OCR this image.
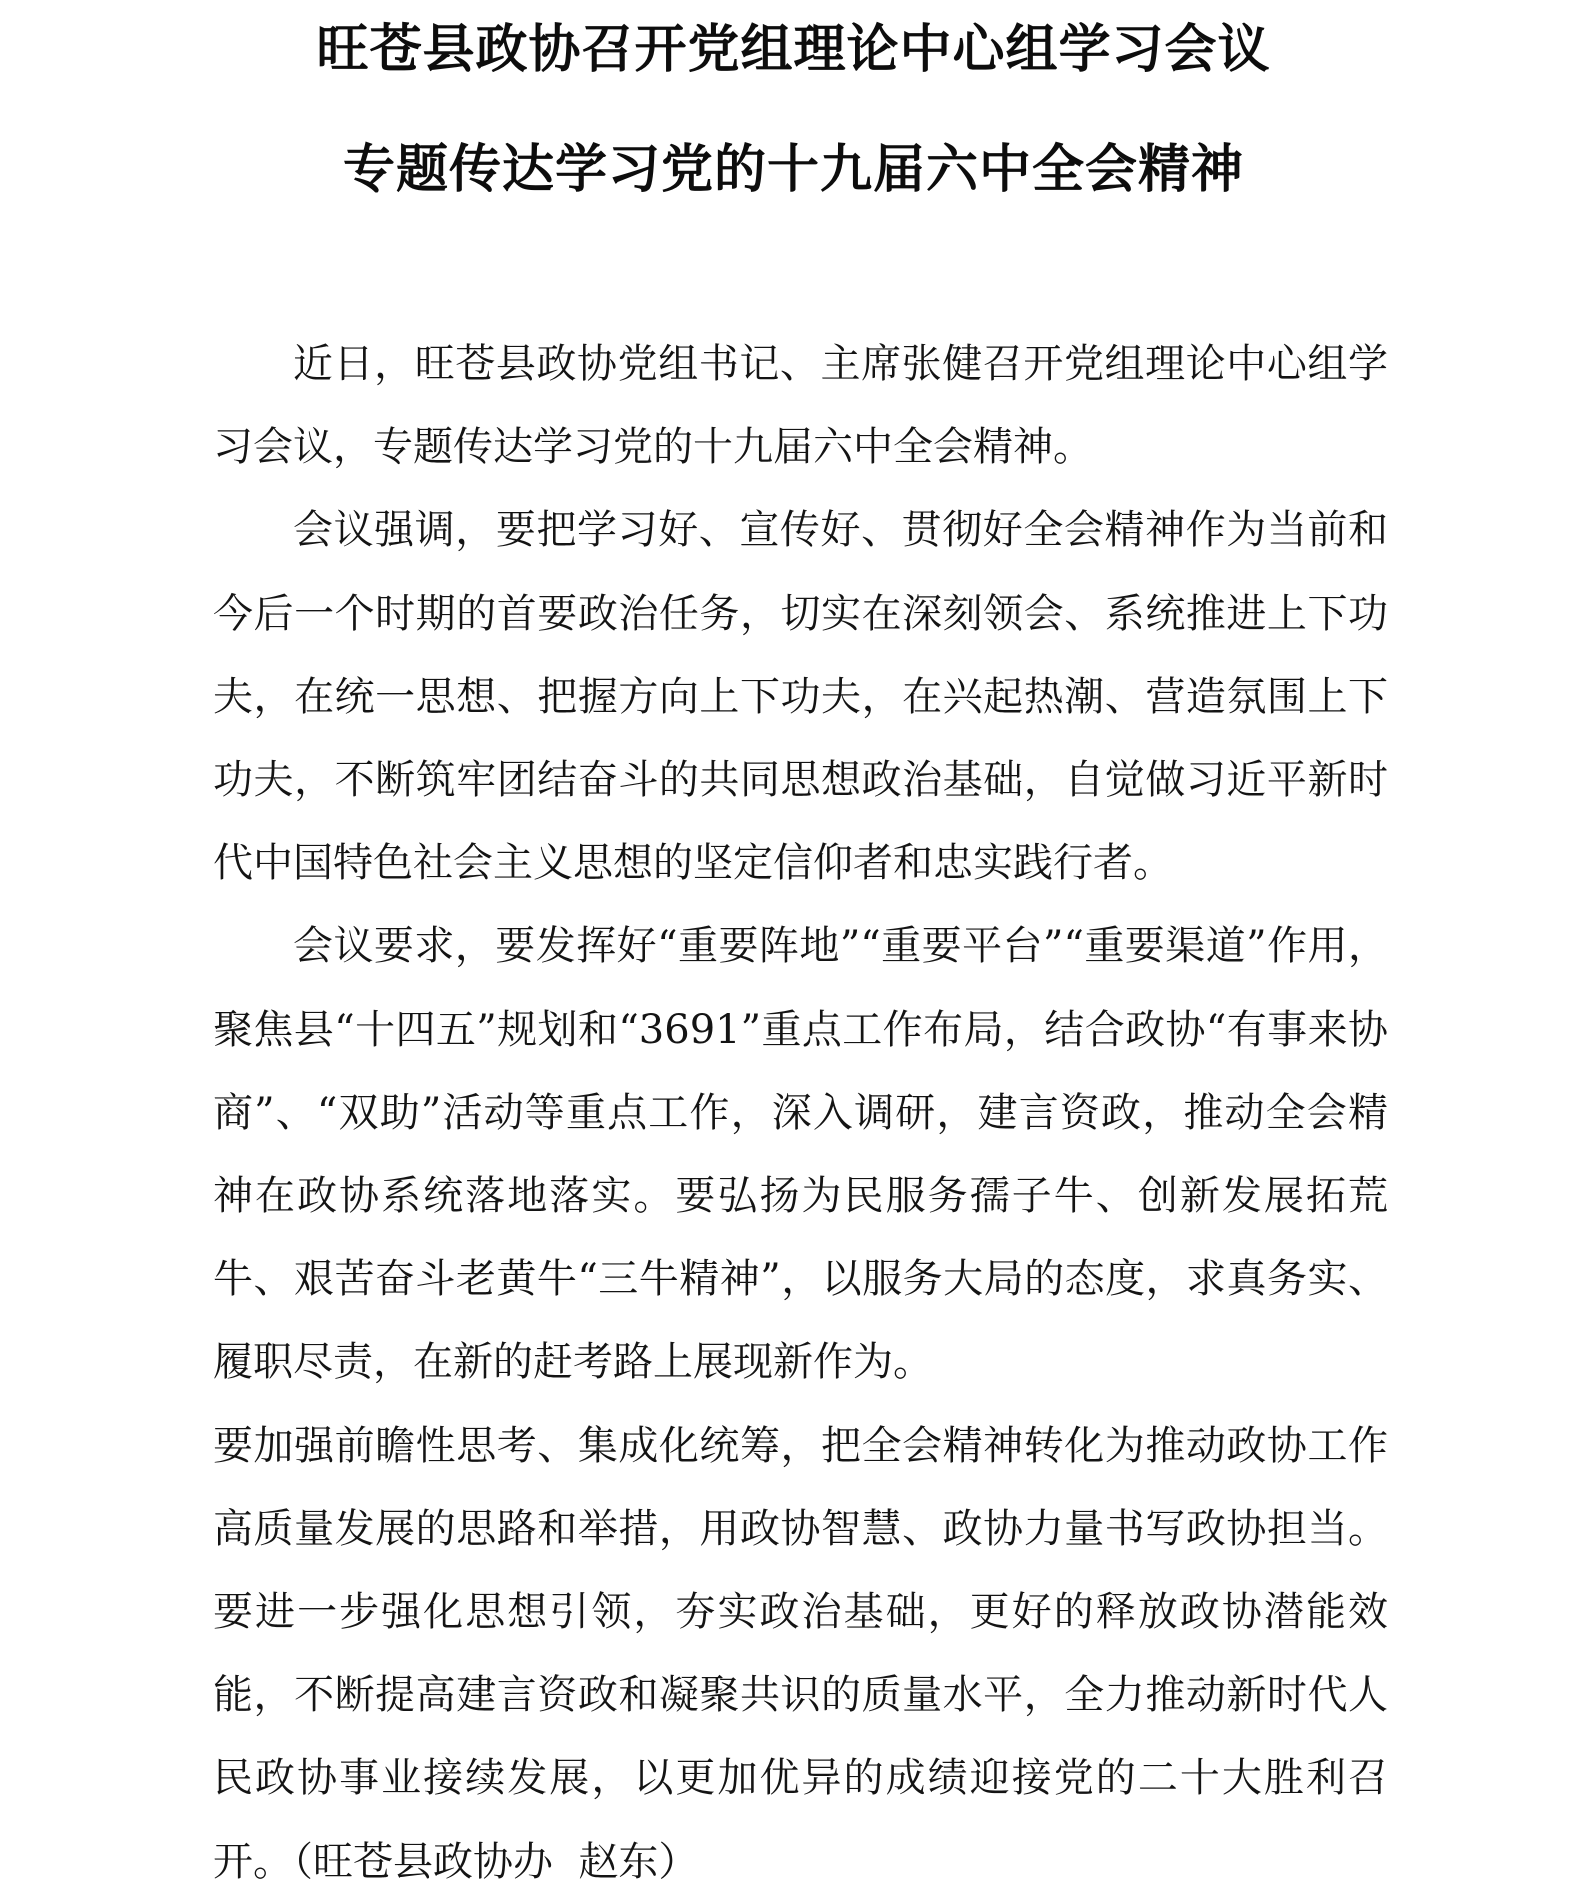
旺苍县政协召开党组理论中心组学习会议
专题传达学习党的十九届六中全会精神

近日，旺苍县政协党组书记、主席张健召开党组理论中心组学习会议，专题传达学习党的十九届六中全会精神。

会议强调，要把学习好、宣传好、贯彻好全会精神作为当前和今后一个时期的首要政治任务，切实在深刻领会、系统推进上下功夫，在统一思想、把握方向上下功夫，在兴起热潮、营造氛围上下功夫，不断筑牢团结奋斗的共同思想政治基础，自觉做习近平新时代中国特色社会主义思想的坚定信仰者和忠实践行者。

会议要求，要发挥好“重要阵地”“重要平台”“重要渠道”作用，聚焦县“十四五”规划和“3691”重点工作布局，结合政协“有事来协商”、“双助”活动等重点工作，深入调研，建言资政，推动全会精神在政协系统落地落实。要弘扬为民服务孺子牛、创新发展拓荒牛、艰苦奋斗老黄牛“三牛精神”，以服务大局的态度，求真务实、履职尽责，在新的赶考路上展现新作为。

要加强前瞻性思考、集成化统筹，把全会精神转化为推动政协工作高质量发展的思路和举措，用政协智慧、政协力量书写政协担当。要进一步强化思想引领，夯实政治基础，更好的释放政协潜能效能，不断提高建言资政和凝聚共识的质量水平，全力推动新时代人民政协事业接续发展，以更加优异的成绩迎接党的二十大胜利召开。（旺苍县政协办  赵东）
